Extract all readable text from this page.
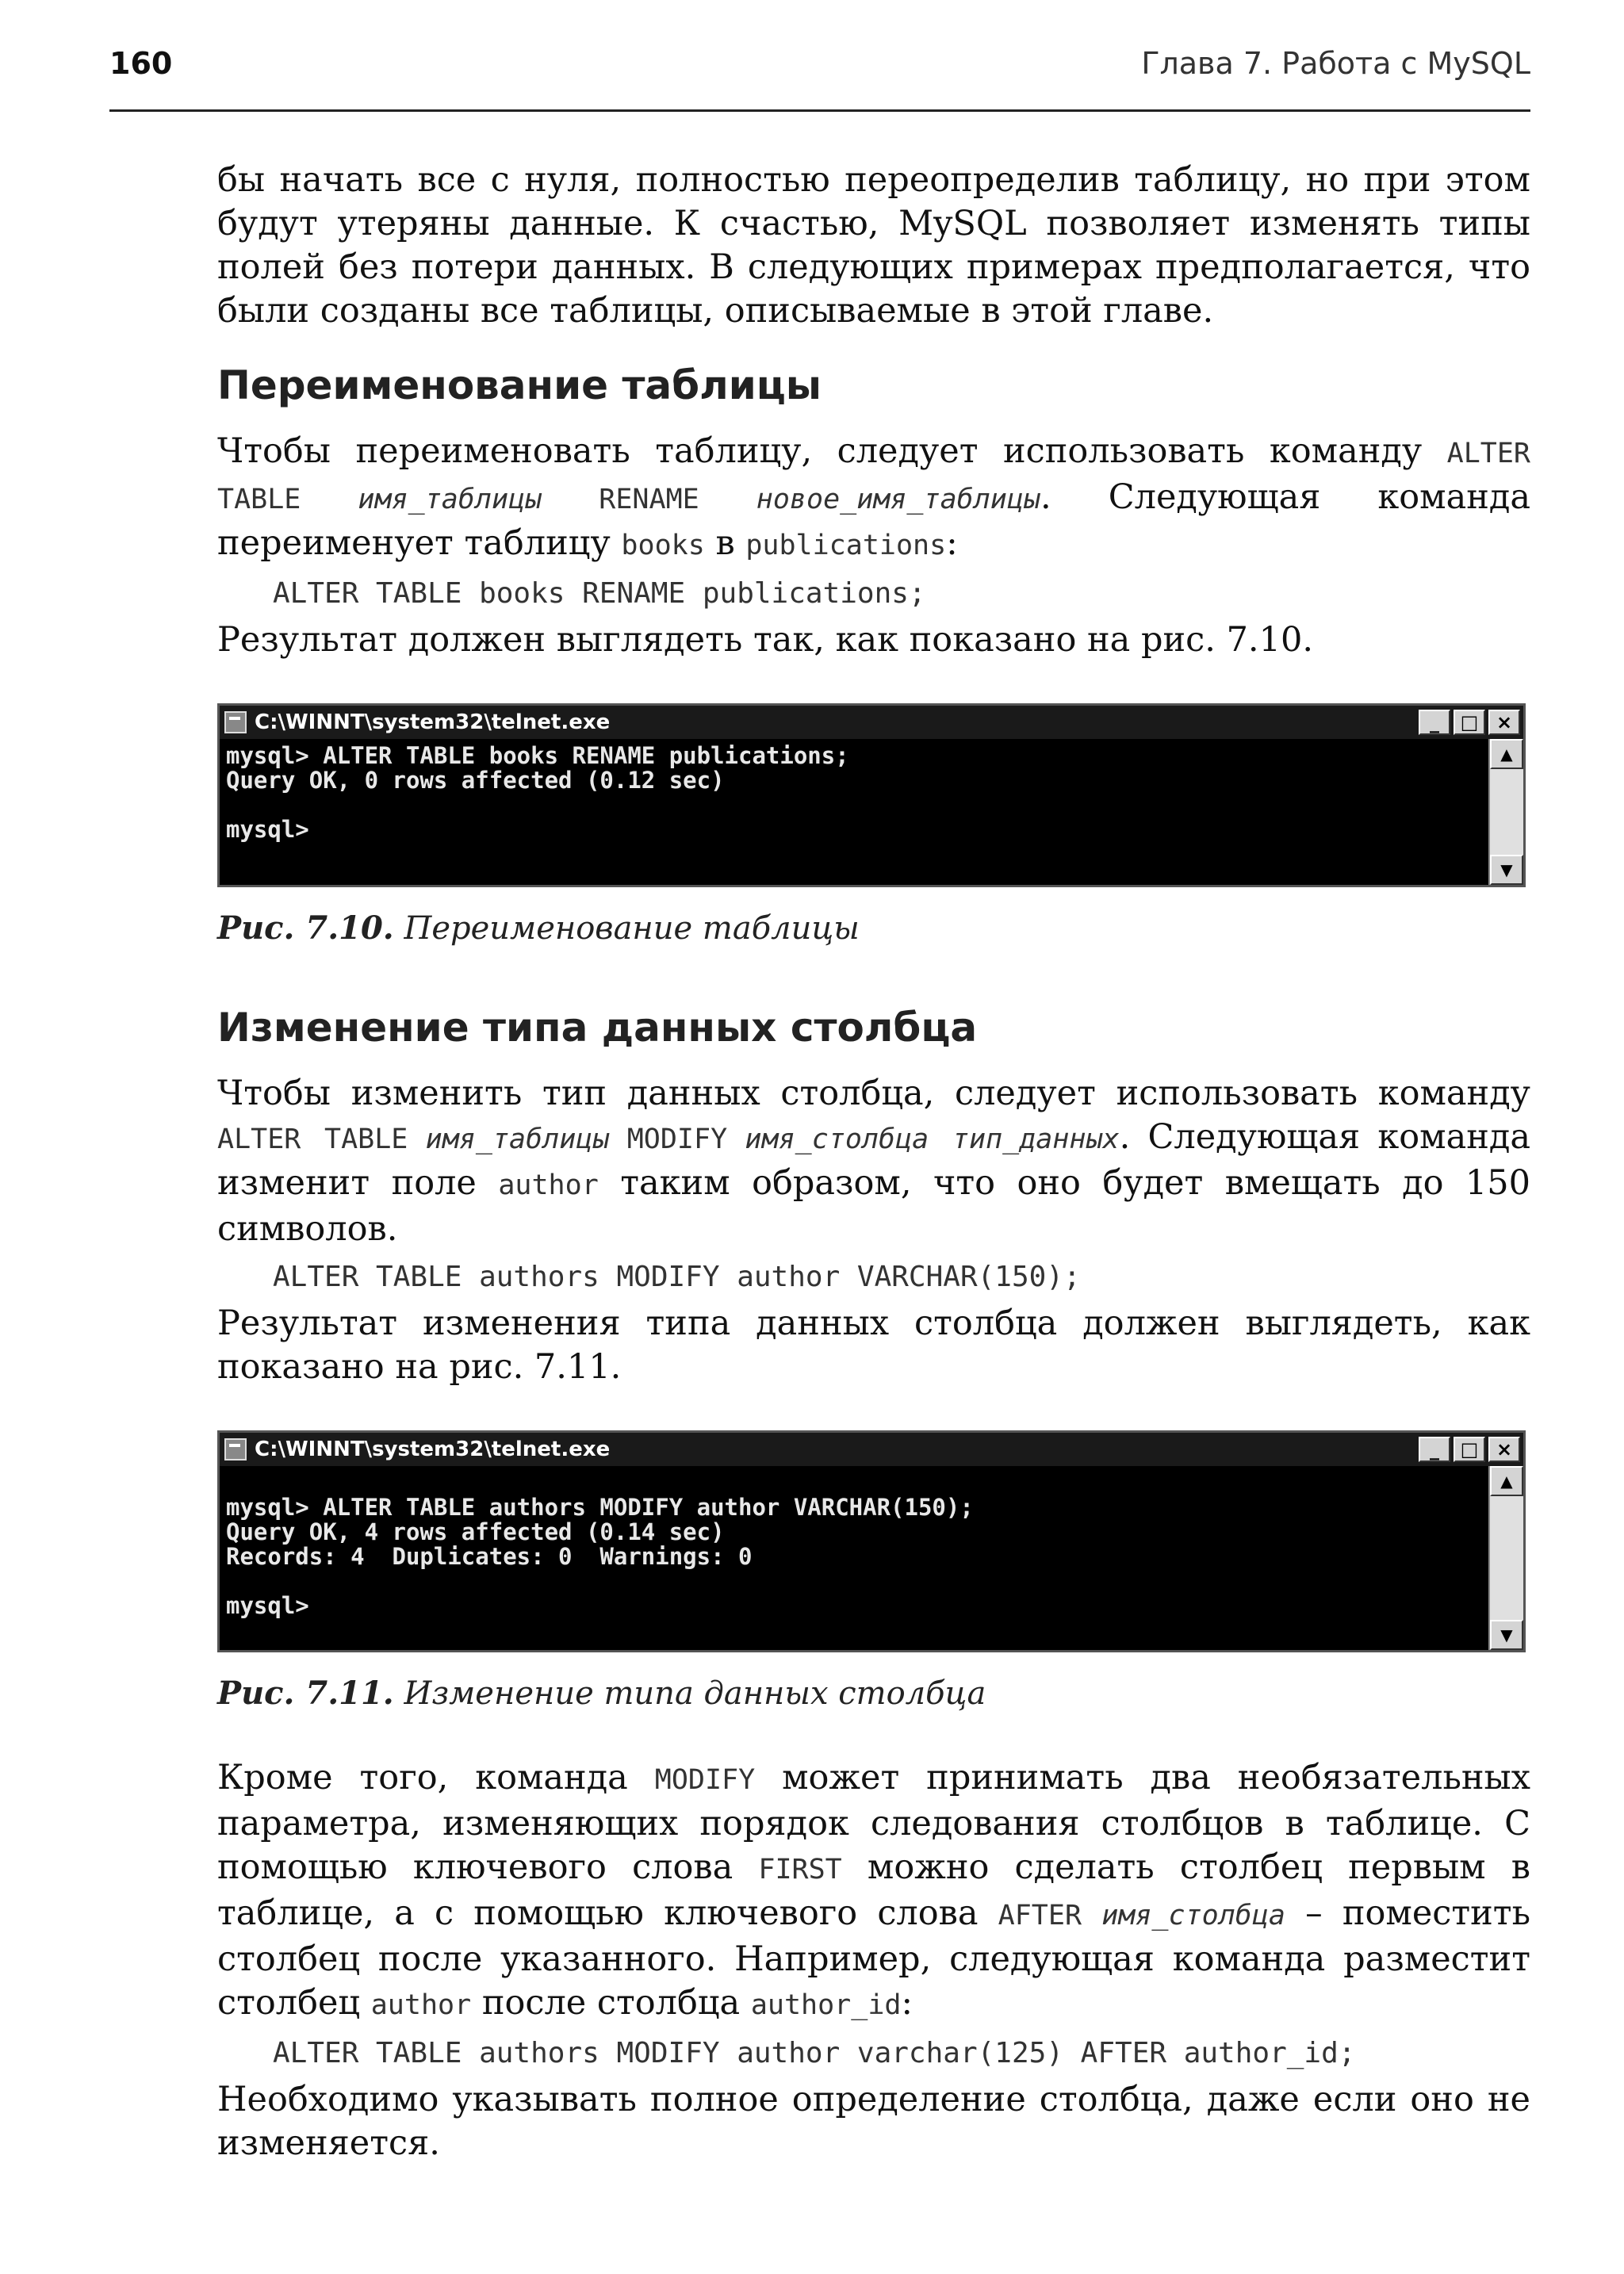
160	Глава 7. Работа с MySQL

бы начать все с нуля, полностью переопределив таблицу, но при этом будут утеряны данные. К счастью, MySQL позволяет изменять типы полей без потери данных. В следующих примерах предполагается, что были созданы все таблицы, описываемые в этой главе.

Переименование таблицы

Чтобы переименовать таблицу, следует использовать команду ALTER TABLE имя_таблицы RENAME новое_имя_таблицы. Следующая команда переименует таблицу books в publications:

ALTER TABLE books RENAME publications;

Результат должен выглядеть так, как показано на рис. 7.10.

C:\WINNT\system32\telnet.exe	_	□ ×
mysql> ALTER TABLE books RENAME publications;
Query OK, 0 rows affected (0.12 sec)

mysql>
▲
▼

Рис. 7.10. Переименование таблицы

Изменение типа данных столбца

Чтобы изменить тип данных столбца, следует использовать команду ALTER TABLE имя_таблицы MODIFY имя_столбца тип_данных. Следующая команда изменит поле author таким образом, что оно будет вмещать до 150 символов.

ALTER TABLE authors MODIFY author VARCHAR(150);

Результат изменения типа данных столбца должен выглядеть, как показано на рис. 7.11.

C:\WINNT\system32\telnet.exe	_	□ ×

mysql> ALTER TABLE authors MODIFY author VARCHAR(150);
Query OK, 4 rows affected (0.14 sec)
Records: 4  Duplicates: 0  Warnings: 0

mysql>
▲
▼

Рис. 7.11. Изменение типа данных столбца

Кроме того, команда MODIFY может принимать два необязательных параметра, изменяющих порядок следования столбцов в таблице. С помощью ключевого слова FIRST можно сделать столбец первым в таблице, а с помощью ключевого слова AFTER имя_столбца – поместить столбец после указанного. Например, следующая команда разместит столбец author после столбца author_id:

ALTER TABLE authors MODIFY author varchar(125) AFTER author_id;

Необходимо указывать полное определение столбца, даже если оно не изменяется.
